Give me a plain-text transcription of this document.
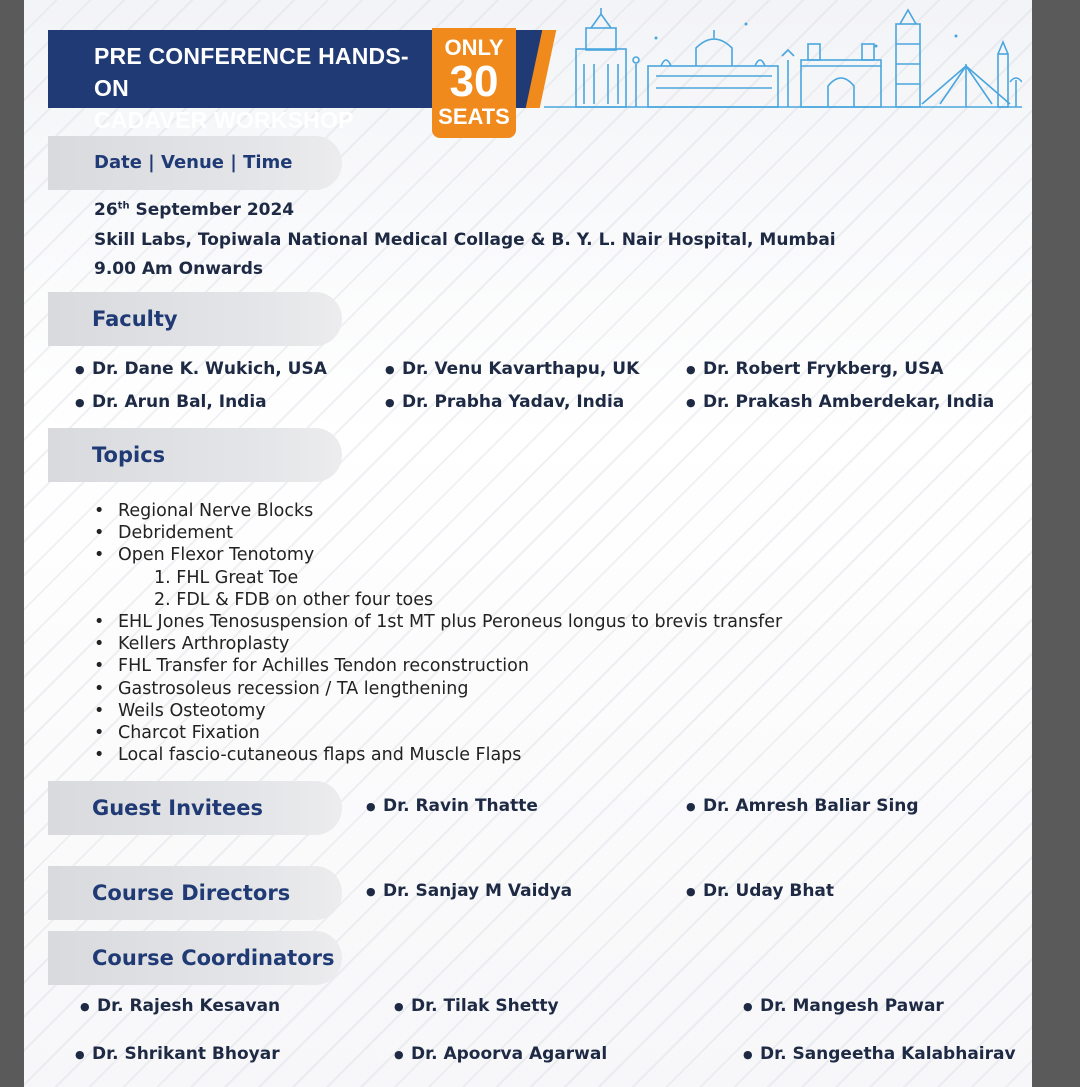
PRE CONFERENCE HANDS-ON
CADAVER WORKSHOP
ONLY
30
SEATS
Date | Venue | Time
26th September 2024
Skill Labs, Topiwala National Medical Collage & B. Y. L. Nair Hospital, Mumbai
9.00 Am Onwards
Faculty
● Dr. Dane K. Wukich, USA	● Dr. Venu Kavarthapu, UK	● Dr. Robert Frykberg, USA
● Dr. Arun Bal, India	● Dr. Prabha Yadav, India	● Dr. Prakash Amberdekar, India
Topics
• Regional Nerve Blocks
• Debridement
• Open Flexor Tenotomy
1. FHL Great Toe
2. FDL & FDB on other four toes
• EHL Jones Tenosuspension of 1st MT plus Peroneus longus to brevis transfer
• Kellers Arthroplasty
• FHL Transfer for Achilles Tendon reconstruction
• Gastrosoleus recession / TA lengthening
• Weils Osteotomy
• Charcot Fixation
• Local fascio-cutaneous flaps and Muscle Flaps
Guest Invitees	● Dr. Ravin Thatte	● Dr. Amresh Baliar Sing
Course Directors	● Dr. Sanjay M Vaidya	● Dr. Uday Bhat
Course Coordinators
● Dr. Rajesh Kesavan	● Dr. Tilak Shetty	● Dr. Mangesh Pawar
● Dr. Shrikant Bhoyar	● Dr. Apoorva Agarwal	● Dr. Sangeetha Kalabhairav
